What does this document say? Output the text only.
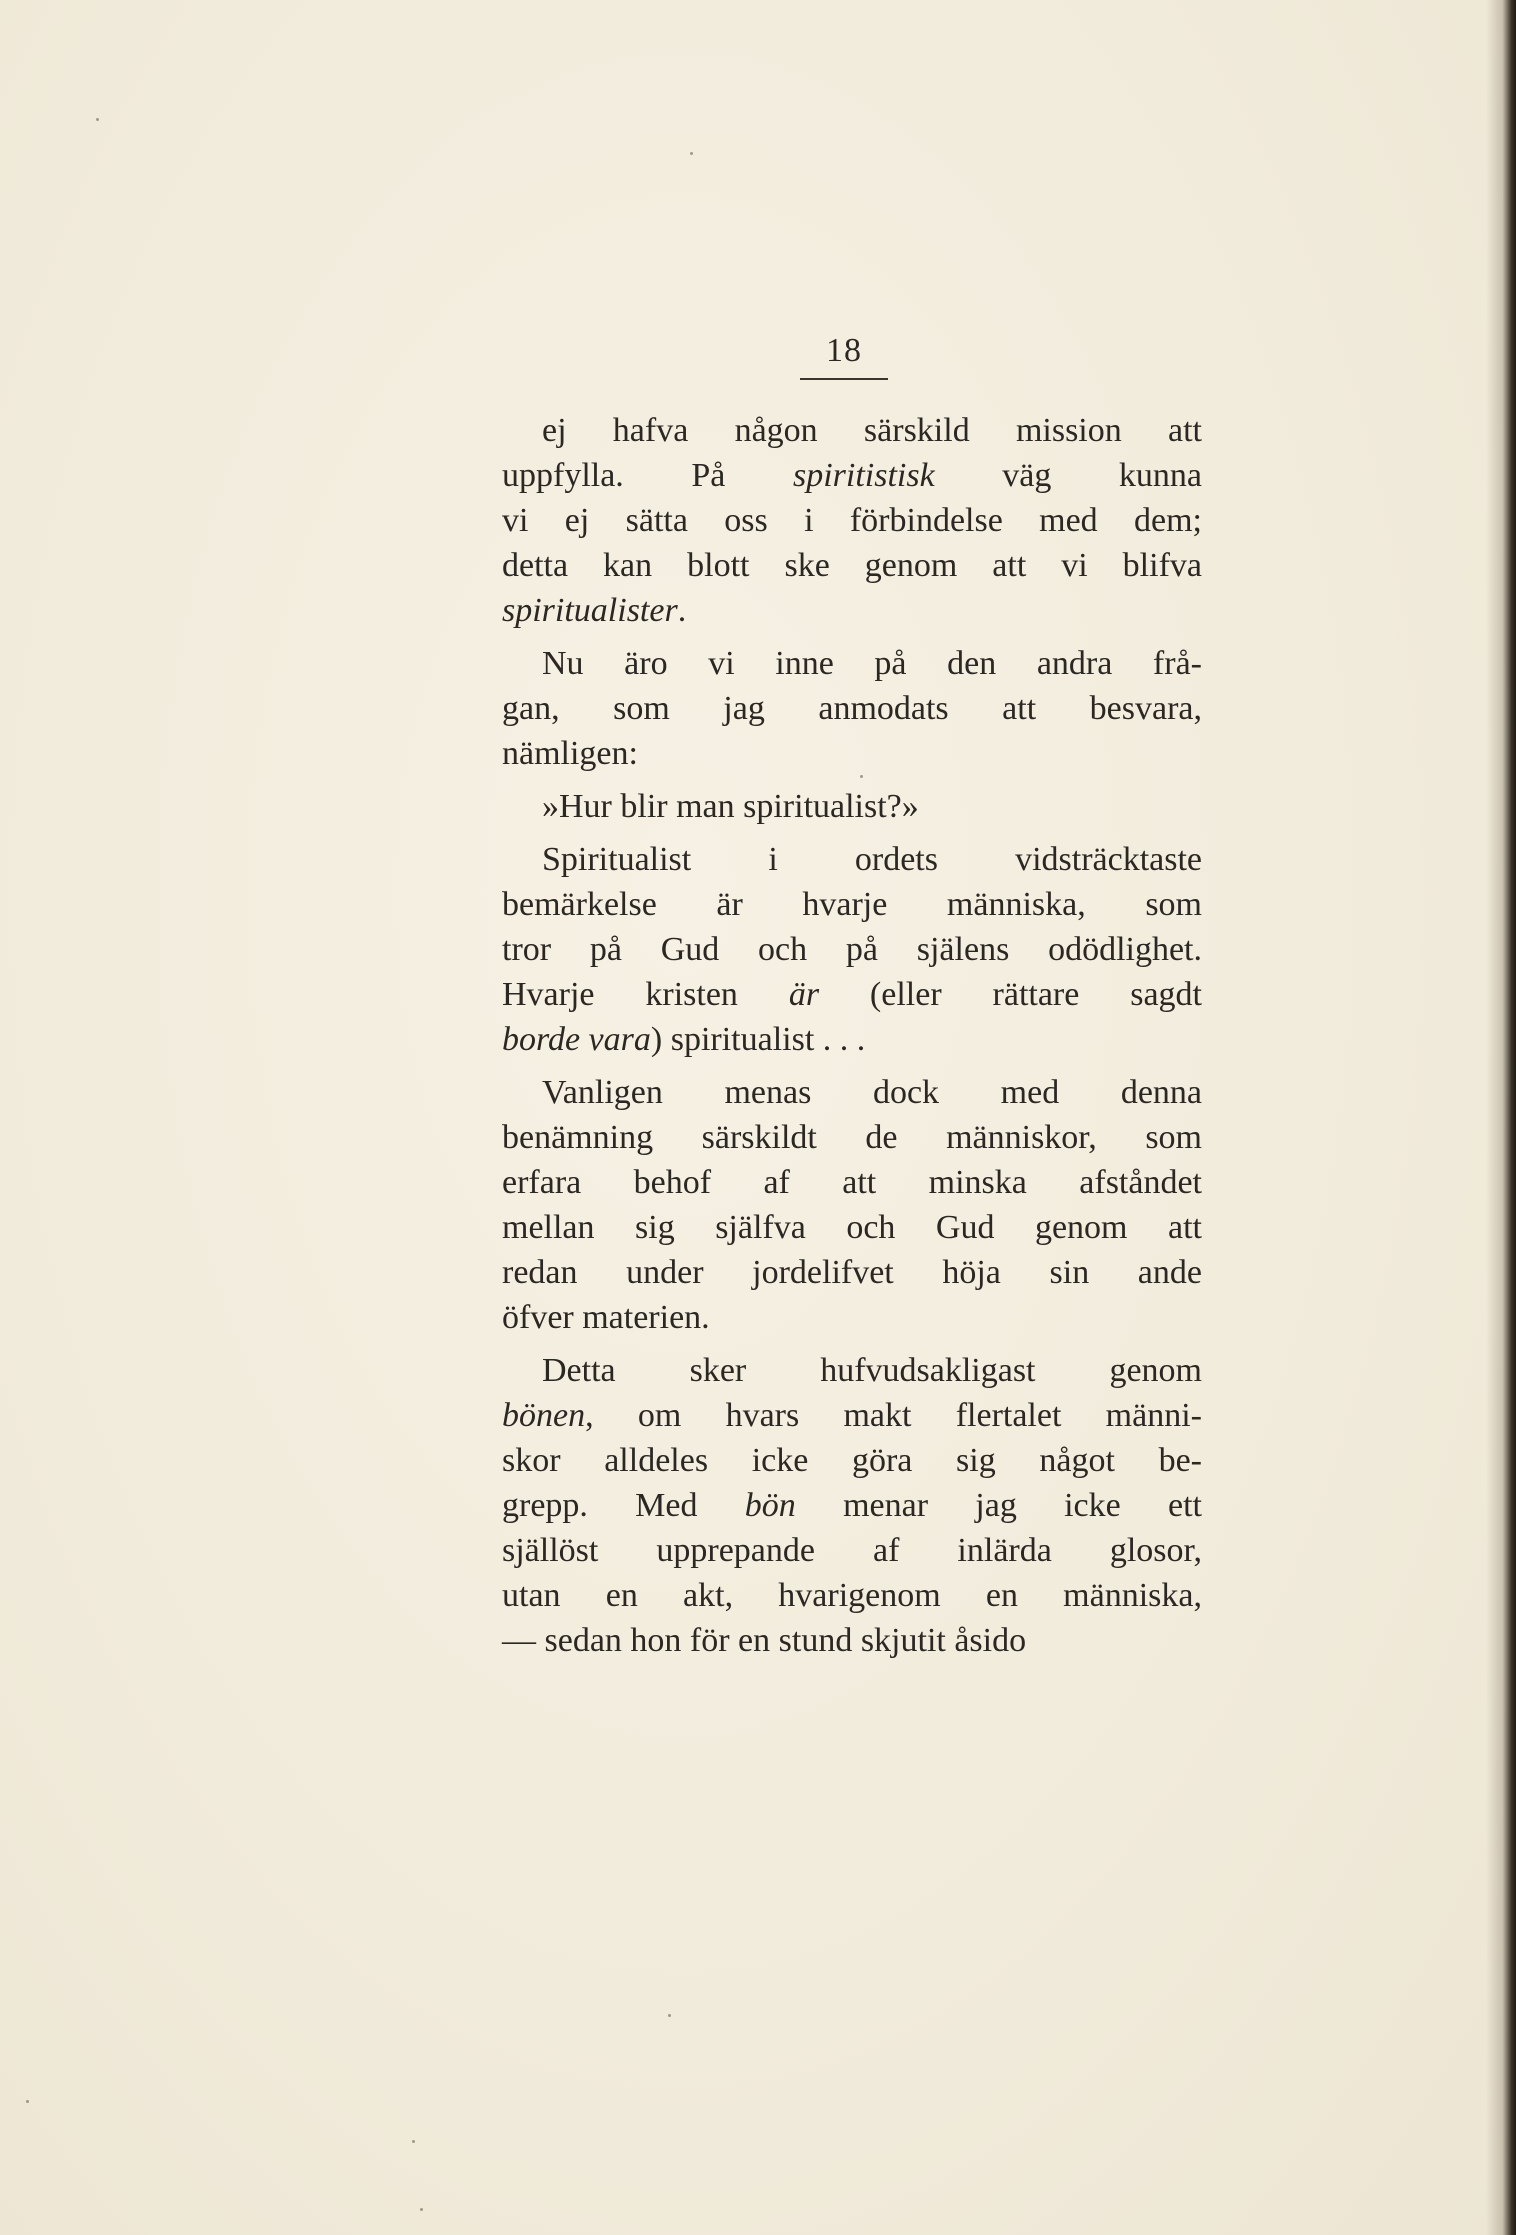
18
ej hafva någon särskild mission att
uppfylla. På spiritistisk väg kunna
vi ej sätta oss i förbindelse med dem;
detta kan blott ske genom att vi blifva
spiritualister.
Nu äro vi inne på den andra frå-
gan, som jag anmodats att besvara,
nämligen:
»Hur blir man spiritualist?»
Spiritualist i ordets vidsträcktaste
bemärkelse är hvarje människa, som
tror på Gud och på själens odödlighet.
Hvarje kristen är (eller rättare sagdt
borde vara) spiritualist . . .
Vanligen menas dock med denna
benämning särskildt de människor, som
erfara behof af att minska afståndet
mellan sig själfva och Gud genom att
redan under jordelifvet höja sin ande
öfver materien.
Detta sker hufvudsakligast genom
bönen, om hvars makt flertalet männi-
skor alldeles icke göra sig något be-
grepp. Med bön menar jag icke ett
själlöst upprepande af inlärda glosor,
utan en akt, hvarigenom en människa,
— sedan hon för en stund skjutit åsido
